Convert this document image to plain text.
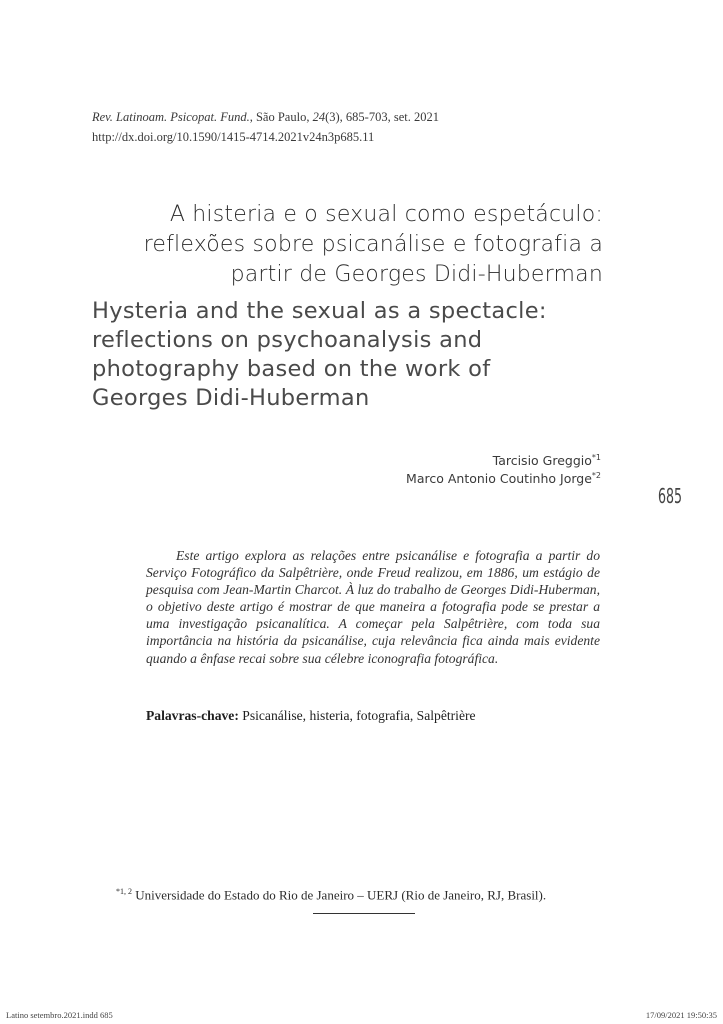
Rev. Latinoam. Psicopat. Fund., São Paulo, 24(3), 685-703, set. 2021
http://dx.doi.org/10.1590/1415-4714.2021v24n3p685.11
A histeria e o sexual como espetáculo:
reflexões sobre psicanálise e fotografia a
partir de Georges Didi-Huberman
Hysteria and the sexual as a spectacle:
reflections on psychoanalysis and
photography based on the work of
Georges Didi-Huberman
Tarcisio Greggio$^{*1}$
Marco Antonio Coutinho Jorge$^{*2}$
685

Este artigo explora as relações entre psicanálise e fotografia a partir do Serviço Fotográfico da Salpêtrière, onde Freud realizou, em 1886, um estágio de pesquisa com Jean-Martin Charcot. À luz do trabalho de Georges Didi-Huberman, o objetivo deste artigo é mostrar de que maneira a fotografia pode se prestar a uma investigação psicanalítica. A começar pela Salpêtrière, com toda sua importância na história da psicanálise, cuja relevância fica ainda mais evidente quando a ênfase recai sobre sua célebre iconografia fotográfica.

Palavras-chave: Psicanálise, histeria, fotografia, Salpêtrière
$^{*1, 2}$ Universidade do Estado do Rio de Janeiro – UERJ (Rio de Janeiro, RJ, Brasil).
Latino setembro.2021.indd 685	17/09/2021 19:50:35
